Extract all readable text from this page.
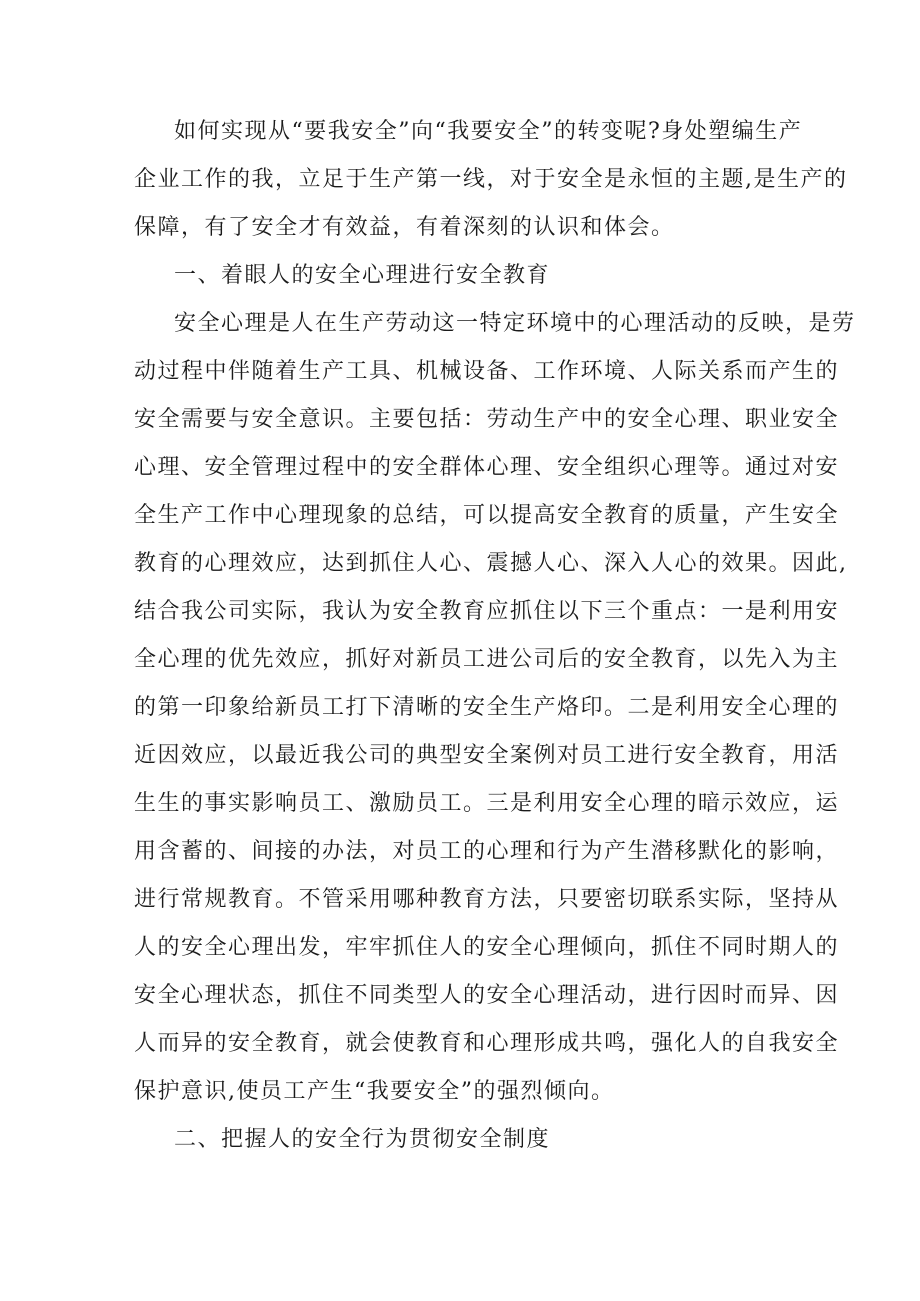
如何实现从“要我安全”向“我要安全”的转变呢?身处塑编生产
企业工作的我，立足于生产第一线，对于安全是永恒的主题,是生产的
保障，有了安全才有效益，有着深刻的认识和体会。
一、着眼人的安全心理进行安全教育
安全心理是人在生产劳动这一特定环境中的心理活动的反映，是劳
动过程中伴随着生产工具、机械设备、工作环境、人际关系而产生的
安全需要与安全意识。主要包括：劳动生产中的安全心理、职业安全
心理、安全管理过程中的安全群体心理、安全组织心理等。通过对安
全生产工作中心理现象的总结，可以提高安全教育的质量，产生安全
教育的心理效应，达到抓住人心、震撼人心、深入人心的效果。因此,
结合我公司实际，我认为安全教育应抓住以下三个重点：一是利用安
全心理的优先效应，抓好对新员工进公司后的安全教育，以先入为主
的第一印象给新员工打下清晰的安全生产烙印。二是利用安全心理的
近因效应，以最近我公司的典型安全案例对员工进行安全教育，用活
生生的事实影响员工、激励员工。三是利用安全心理的暗示效应，运
用含蓄的、间接的办法，对员工的心理和行为产生潜移默化的影响，
进行常规教育。不管采用哪种教育方法，只要密切联系实际，坚持从
人的安全心理出发，牢牢抓住人的安全心理倾向，抓住不同时期人的
安全心理状态，抓住不同类型人的安全心理活动，进行因时而异、因
人而异的安全教育，就会使教育和心理形成共鸣，强化人的自我安全
保护意识,使员工产生“我要安全”的强烈倾向。
二、把握人的安全行为贯彻安全制度
